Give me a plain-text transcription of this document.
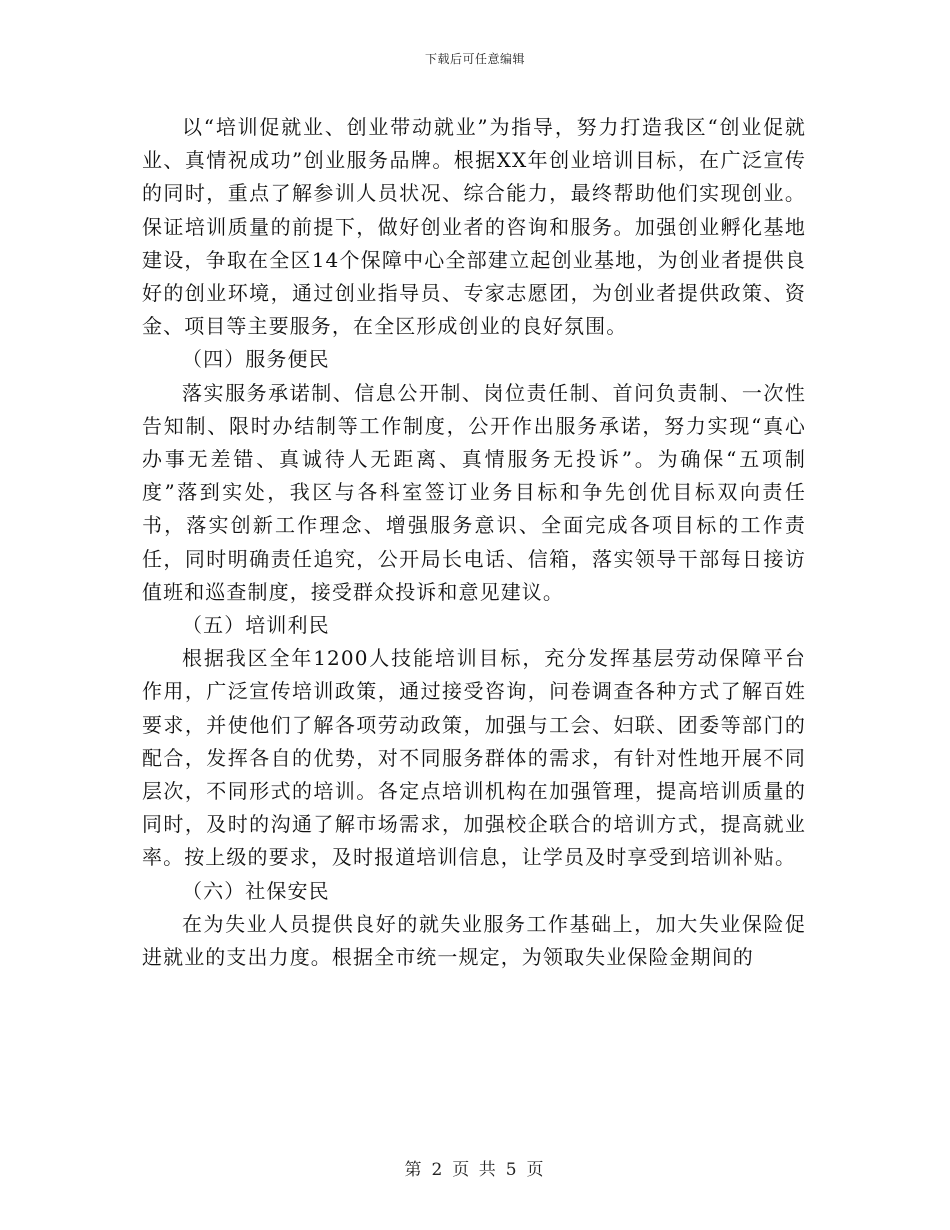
下载后可任意编辑

以“培训促就业、创业带动就业”为指导，努力打造我区“创业促就业、真情祝成功”创业服务品牌。根据XX年创业培训目标，在广泛宣传的同时，重点了解参训人员状况、综合能力，最终帮助他们实现创业。保证培训质量的前提下，做好创业者的咨询和服务。加强创业孵化基地建设，争取在全区14个保障中心全部建立起创业基地，为创业者提供良好的创业环境，通过创业指导员、专家志愿团，为创业者提供政策、资金、项目等主要服务，在全区形成创业的良好氛围。

（四）服务便民

落实服务承诺制、信息公开制、岗位责任制、首问负责制、一次性告知制、限时办结制等工作制度，公开作出服务承诺，努力实现“真心办事无差错、真诚待人无距离、真情服务无投诉”。为确保“五项制度”落到实处，我区与各科室签订业务目标和争先创优目标双向责任书，落实创新工作理念、增强服务意识、全面完成各项目标的工作责任，同时明确责任追究，公开局长电话、信箱，落实领导干部每日接访值班和巡查制度，接受群众投诉和意见建议。

（五）培训利民

根据我区全年1200人技能培训目标，充分发挥基层劳动保障平台作用，广泛宣传培训政策，通过接受咨询，问卷调查各种方式了解百姓要求，并使他们了解各项劳动政策，加强与工会、妇联、团委等部门的配合，发挥各自的优势，对不同服务群体的需求，有针对性地开展不同层次，不同形式的培训。各定点培训机构在加强管理，提高培训质量的同时，及时的沟通了解市场需求，加强校企联合的培训方式，提高就业率。按上级的要求，及时报道培训信息，让学员及时享受到培训补贴。

（六）社保安民

在为失业人员提供良好的就失业服务工作基础上，加大失业保险促进就业的支出力度。根据全市统一规定，为领取失业保险金期间的

第 2 页 共 5 页
